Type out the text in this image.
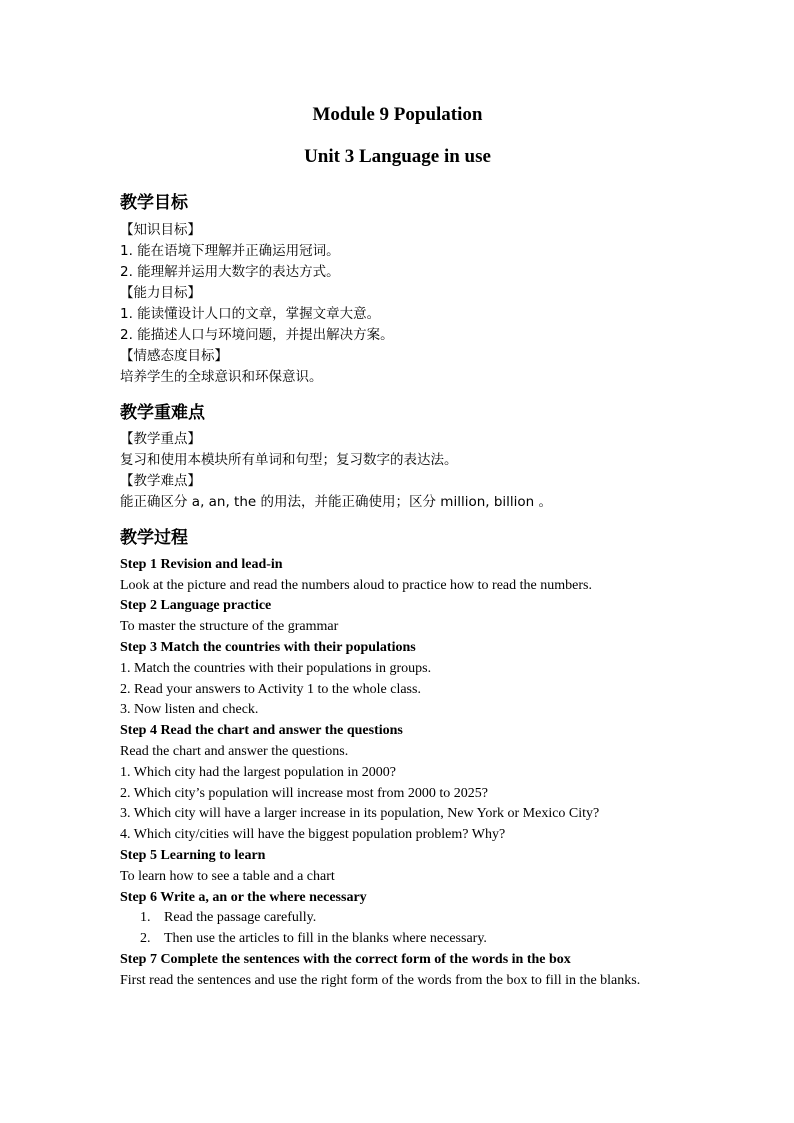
Module 9 Population
Unit 3 Language in use
教学目标
【知识目标】
1. 能在语境下理解并正确运用冠词。
2. 能理解并运用大数字的表达方式。
【能力目标】
1. 能读懂设计人口的文章，掌握文章大意。
2. 能描述人口与环境问题，并提出解决方案。
【情感态度目标】
培养学生的全球意识和环保意识。
教学重难点
【教学重点】
复习和使用本模块所有单词和句型；复习数字的表达法。
【教学难点】
能正确区分 a, an, the 的用法，并能正确使用；区分 million, billion 。
教学过程
Step 1 Revision and lead-in
Look at the picture and read the numbers aloud to practice how to read the numbers.
Step 2 Language practice
To master the structure of the grammar
Step 3 Match the countries with their populations
1. Match the countries with their populations in groups.
2. Read your answers to Activity 1 to the whole class.
3. Now listen and check.
Step 4 Read the chart and answer the questions
Read the chart and answer the questions.
1. Which city had the largest population in 2000?
2. Which city’s population will increase most from 2000 to 2025?
3. Which city will have a larger increase in its population, New York or Mexico City?
4. Which city/cities will have the biggest population problem? Why?
Step 5 Learning to learn
To learn how to see a table and a chart
Step 6 Write a, an or the where necessary
1. Read the passage carefully.
2. Then use the articles to fill in the blanks where necessary.
Step 7 Complete the sentences with the correct form of the words in the box
First read the sentences and use the right form of the words from the box to fill in the blanks.
